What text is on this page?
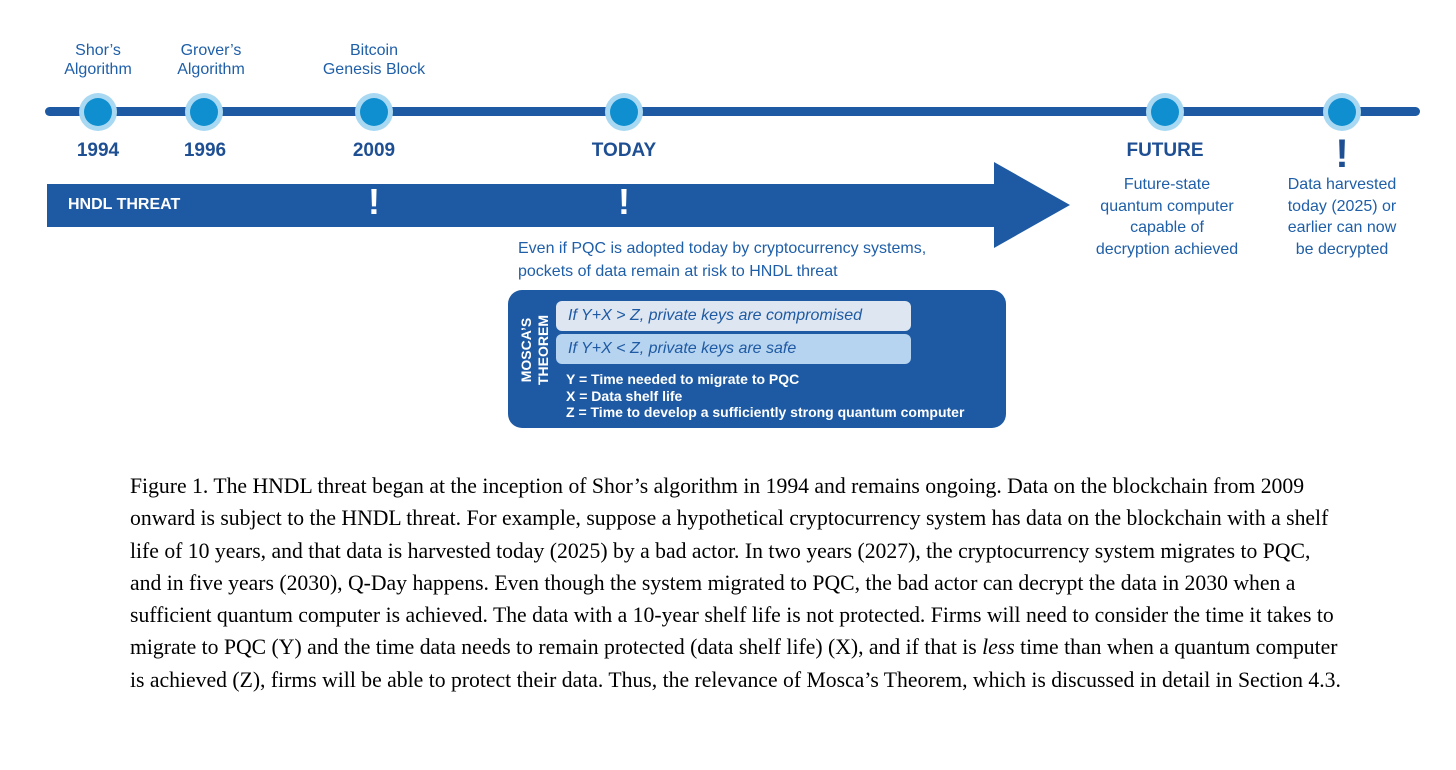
Shor’s
Algorithm
Grover’s
Algorithm
Bitcoin
Genesis Block
1994	1996	2009	TODAY	FUTURE	!
Future-state
quantum computer
capable of
decryption achieved
Data harvested
today (2025) or
earlier can now
be decrypted
HNDL THREAT	!	!
Even if PQC is adopted today by cryptocurrency systems,
pockets of data remain at risk to HNDL threat
MOSCA’S
THEOREM	If Y+X > Z, private keys are compromised
If Y+X < Z, private keys are safe
Y = Time needed to migrate to PQC
X = Data shelf life
Z = Time to develop a sufficiently strong quantum computer
Figure 1. The HNDL threat began at the inception of Shor’s algorithm in 1994 and remains ongoing. Data on the blockchain from 2009 onward is subject to the HNDL threat. For example, suppose a hypothetical cryptocurrency system has data on the blockchain with a shelf life of 10 years, and that data is harvested today (2025) by a bad actor. In two years (2027), the cryptocurrency system migrates to PQC, and in five years (2030), Q-Day happens. Even though the system migrated to PQC, the bad actor can decrypt the data in 2030 when a sufficient quantum computer is achieved. The data with a 10-year shelf life is not protected. Firms will need to consider the time it takes to migrate to PQC (Y) and the time data needs to remain protected (data shelf life) (X), and if that is less time than when a quantum computer is achieved (Z), firms will be able to protect their data. Thus, the relevance of Mosca’s Theorem, which is discussed in detail in Section 4.3.
